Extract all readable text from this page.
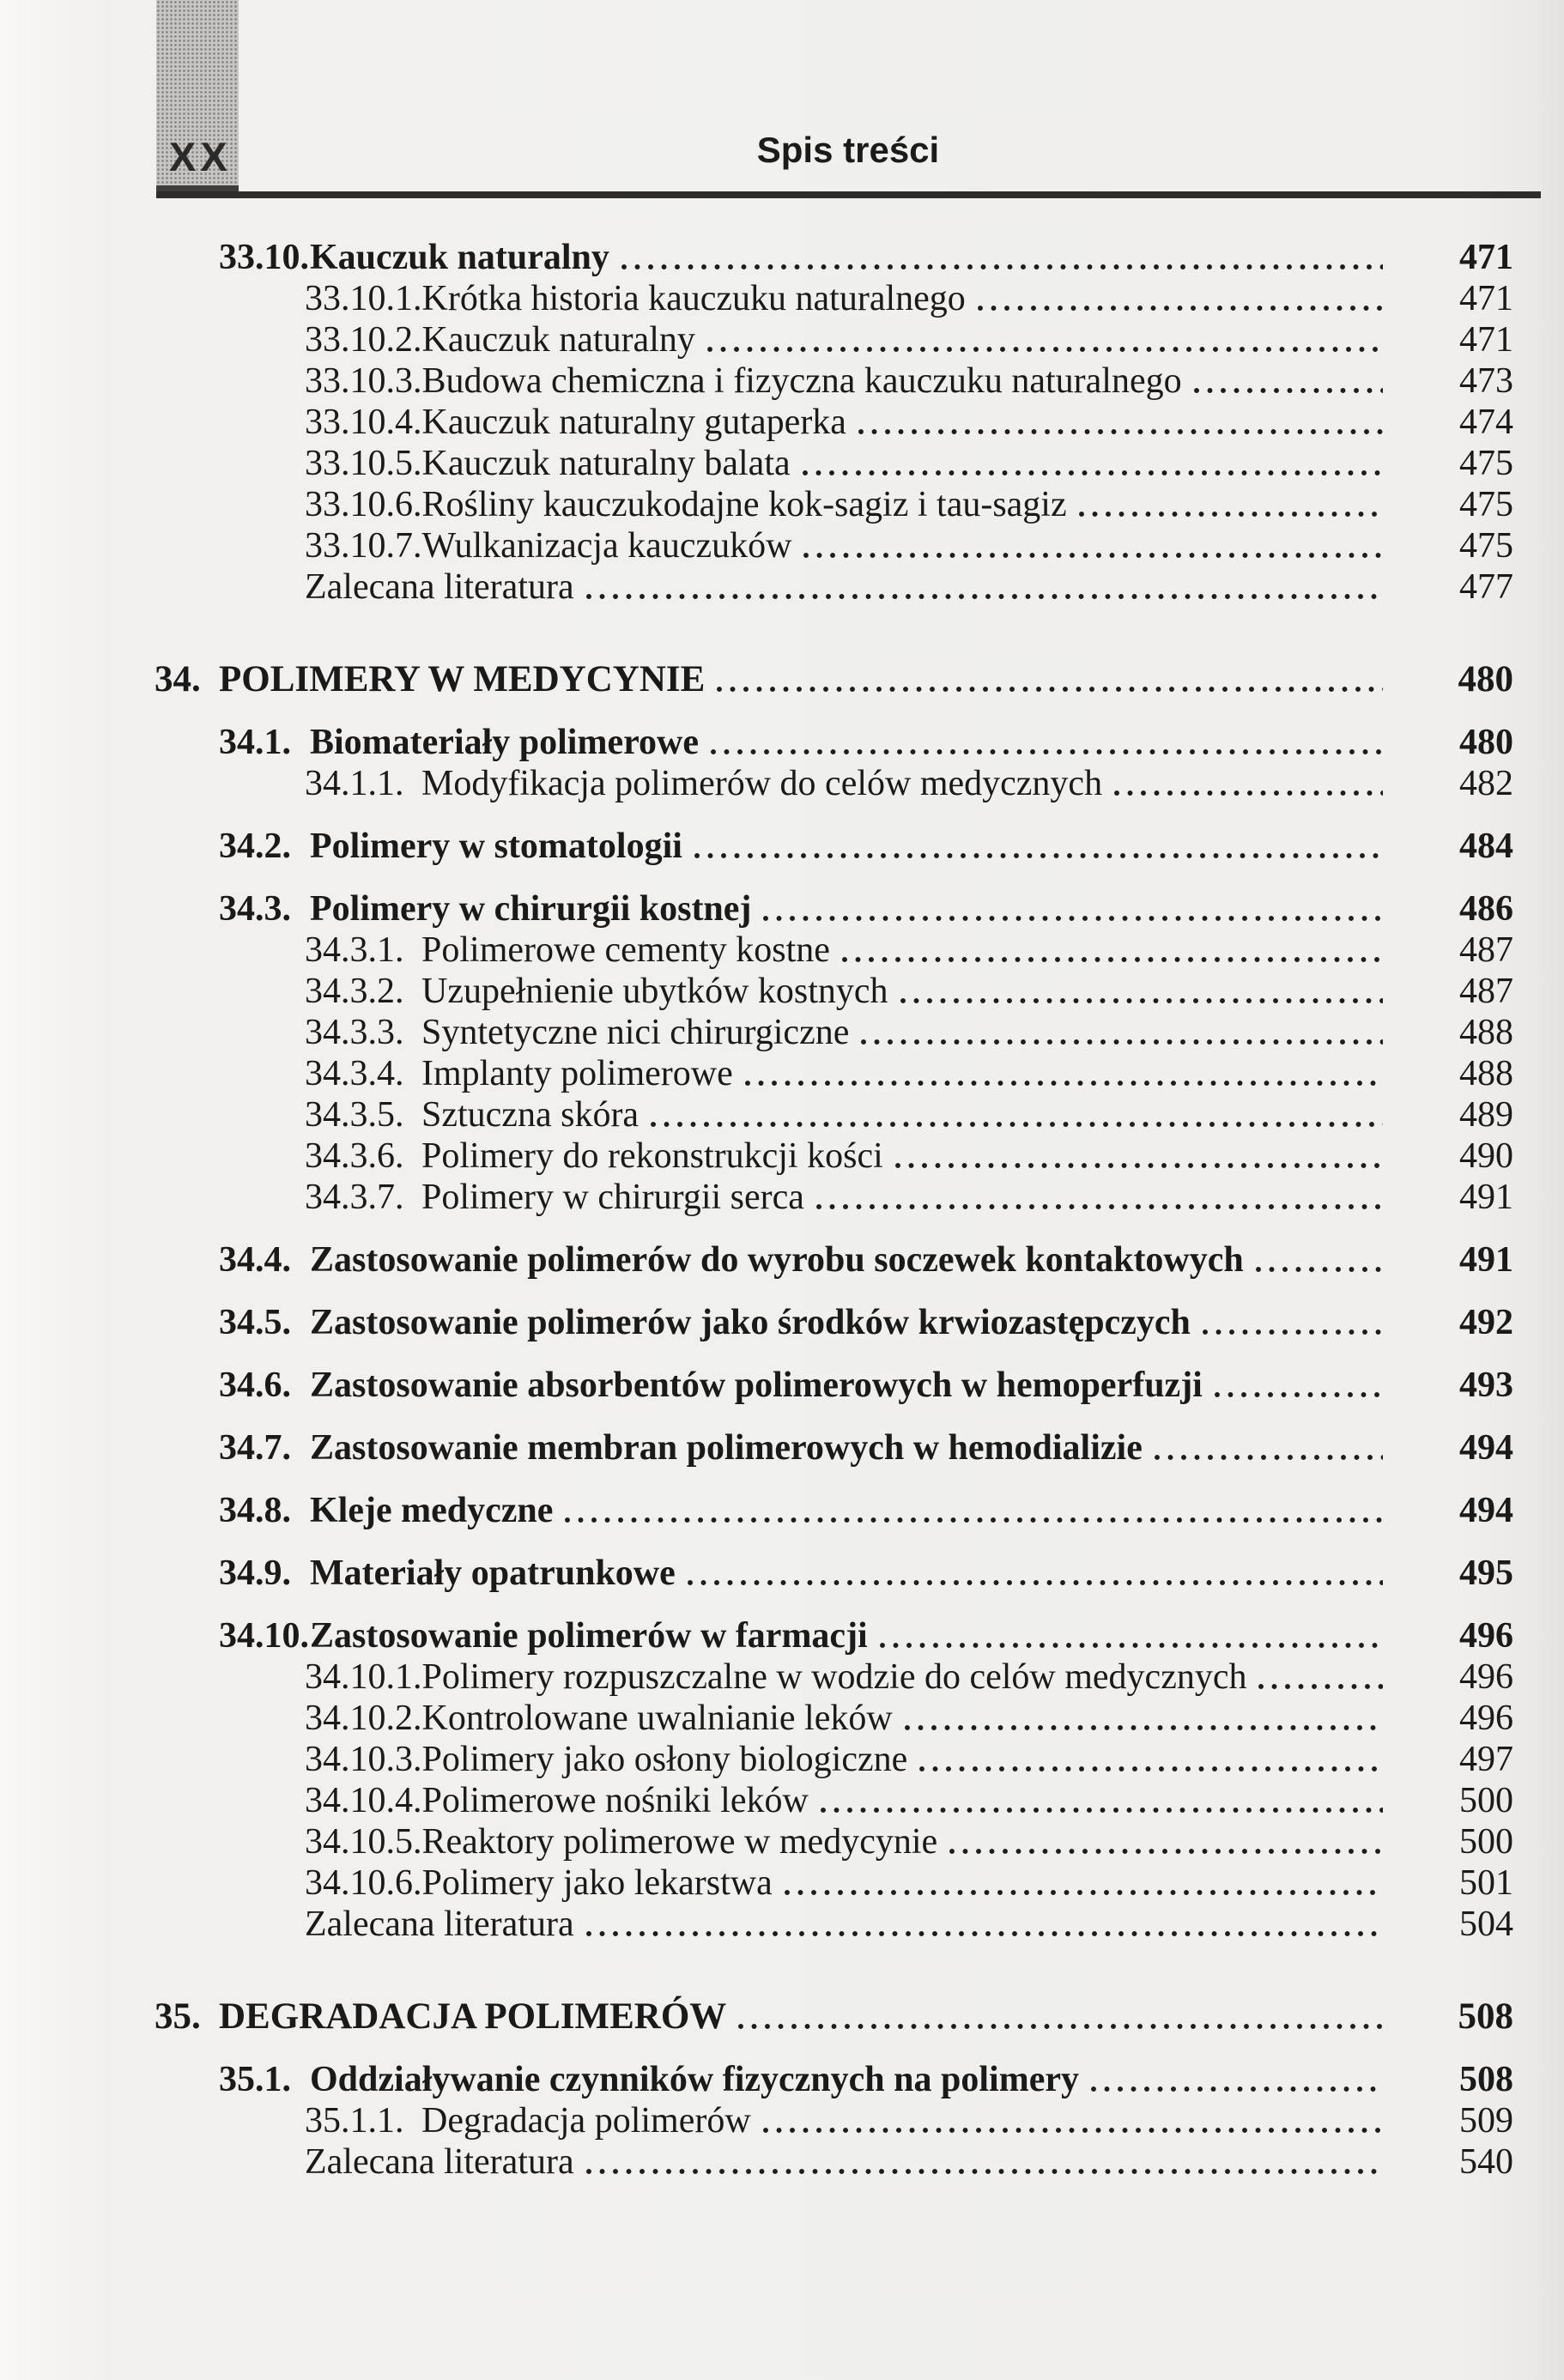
XX	Spis treści
33.10. Kauczuk naturalny	471
33.10.1. Krótka historia kauczuku naturalnego	471
33.10.2. Kauczuk naturalny	471
33.10.3. Budowa chemiczna i fizyczna kauczuku naturalnego	473
33.10.4. Kauczuk naturalny gutaperka	474
33.10.5. Kauczuk naturalny balata	475
33.10.6. Rośliny kauczukodajne kok-sagiz i tau-sagiz	475
33.10.7. Wulkanizacja kauczuków	475
Zalecana literatura	477
34. POLIMERY W MEDYCYNIE	480
34.1. Biomateriały polimerowe	480
34.1.1. Modyfikacja polimerów do celów medycznych	482
34.2. Polimery w stomatologii	484
34.3. Polimery w chirurgii kostnej	486
34.3.1. Polimerowe cementy kostne	487
34.3.2. Uzupełnienie ubytków kostnych	487
34.3.3. Syntetyczne nici chirurgiczne	488
34.3.4. Implanty polimerowe	488
34.3.5. Sztuczna skóra	489
34.3.6. Polimery do rekonstrukcji kości	490
34.3.7. Polimery w chirurgii serca	491
34.4. Zastosowanie polimerów do wyrobu soczewek kontaktowych	491
34.5. Zastosowanie polimerów jako środków krwiozastępczych	492
34.6. Zastosowanie absorbentów polimerowych w hemoperfuzji	493
34.7. Zastosowanie membran polimerowych w hemodializie	494
34.8. Kleje medyczne	494
34.9. Materiały opatrunkowe	495
34.10. Zastosowanie polimerów w farmacji	496
34.10.1. Polimery rozpuszczalne w wodzie do celów medycznych	496
34.10.2. Kontrolowane uwalnianie leków	496
34.10.3. Polimery jako osłony biologiczne	497
34.10.4. Polimerowe nośniki leków	500
34.10.5. Reaktory polimerowe w medycynie	500
34.10.6. Polimery jako lekarstwa	501
Zalecana literatura	504
35. DEGRADACJA POLIMERÓW	508
35.1. Oddziaływanie czynników fizycznych na polimery	508
35.1.1. Degradacja polimerów	509
Zalecana literatura	540
